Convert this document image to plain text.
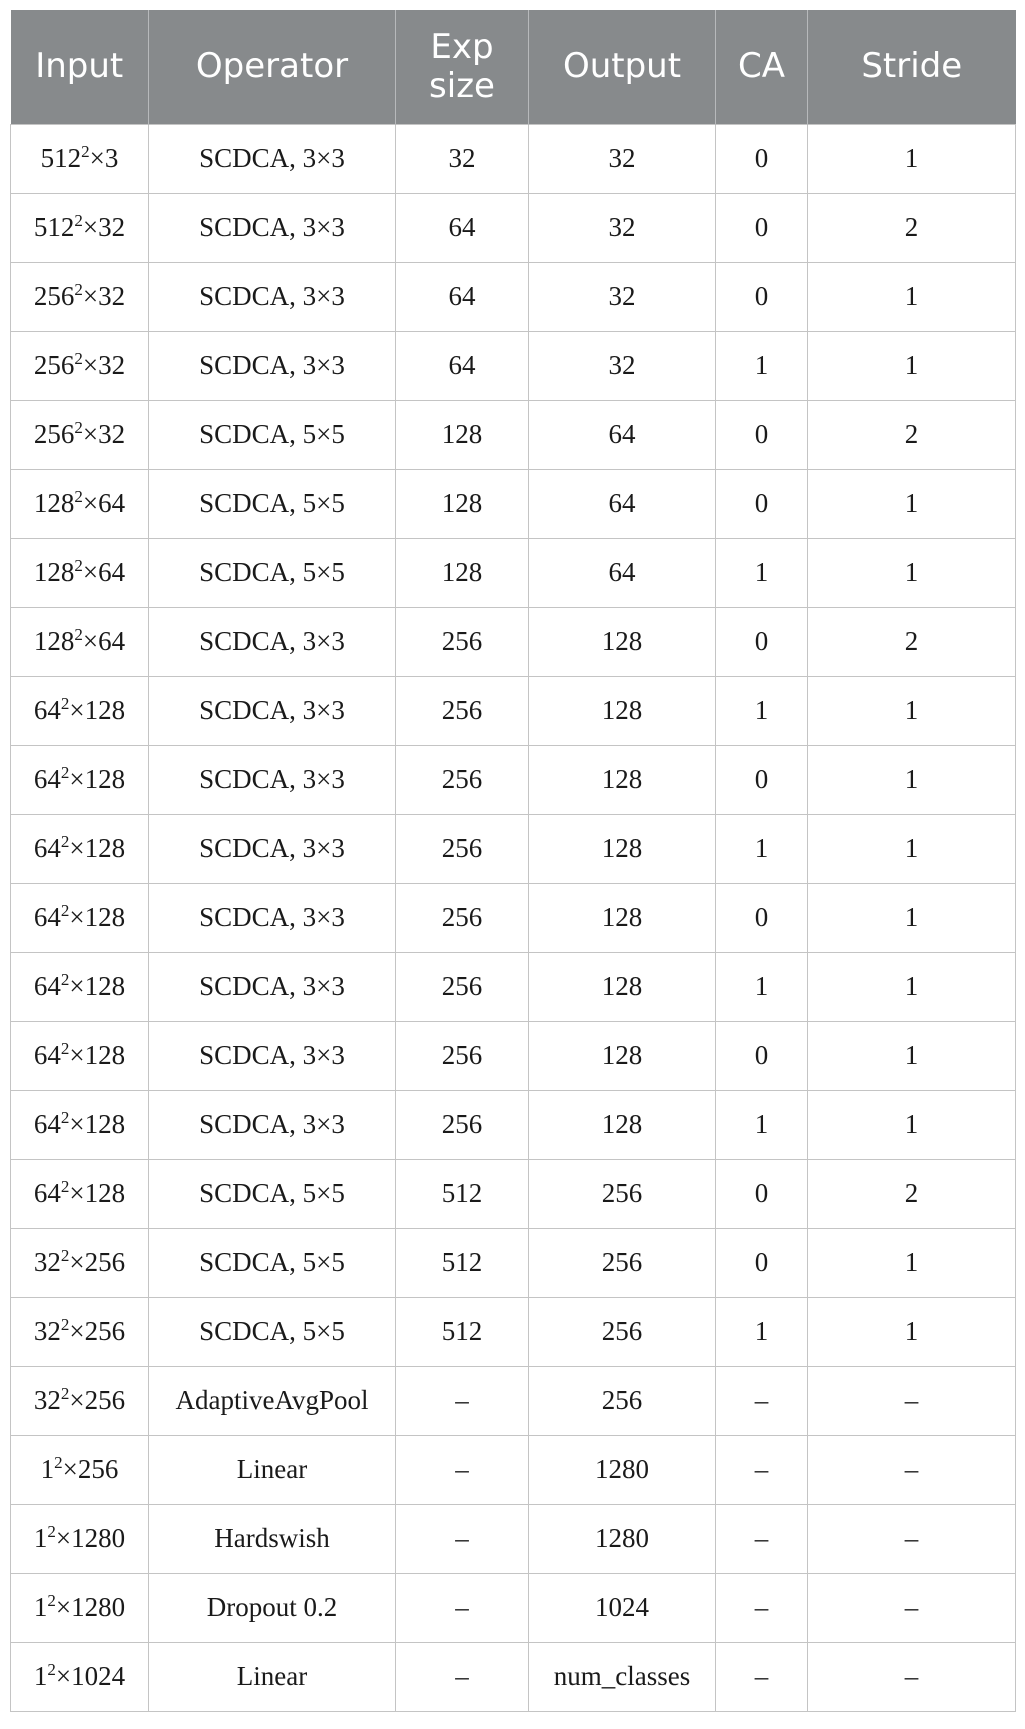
Input	Operator	Exp size	Output	CA	Stride
$512^2\times 3$	SCDCA, 3×3	32	32	0	1
$512^2\times 32$	SCDCA, 3×3	64	32	0	2
$256^2\times 32$	SCDCA, 3×3	64	32	0	1
$256^2\times 32$	SCDCA, 3×3	64	32	1	1
$256^2\times 32$	SCDCA, 5×5	128	64	0	2
$128^2\times 64$	SCDCA, 5×5	128	64	0	1
$128^2\times 64$	SCDCA, 5×5	128	64	1	1
$128^2\times 64$	SCDCA, 3×3	256	128	0	2
$64^2\times 128$	SCDCA, 3×3	256	128	1	1
$64^2\times 128$	SCDCA, 3×3	256	128	0	1
$64^2\times 128$	SCDCA, 3×3	256	128	1	1
$64^2\times 128$	SCDCA, 3×3	256	128	0	1
$64^2\times 128$	SCDCA, 3×3	256	128	1	1
$64^2\times 128$	SCDCA, 3×3	256	128	0	1
$64^2\times 128$	SCDCA, 3×3	256	128	1	1
$64^2\times 128$	SCDCA, 5×5	512	256	0	2
$32^2\times 256$	SCDCA, 5×5	512	256	0	1
$32^2\times 256$	SCDCA, 5×5	512	256	1	1
$32^2\times 256$	AdaptiveAvgPool	–	256	–	–
$1^2\times 256$	Linear	–	1280	–	–
$1^2\times 1280$	Hardswish	–	1280	–	–
$1^2\times 1280$	Dropout 0.2	–	1024	–	–
$1^2\times 1024$	Linear	–	num_classes	–	–
